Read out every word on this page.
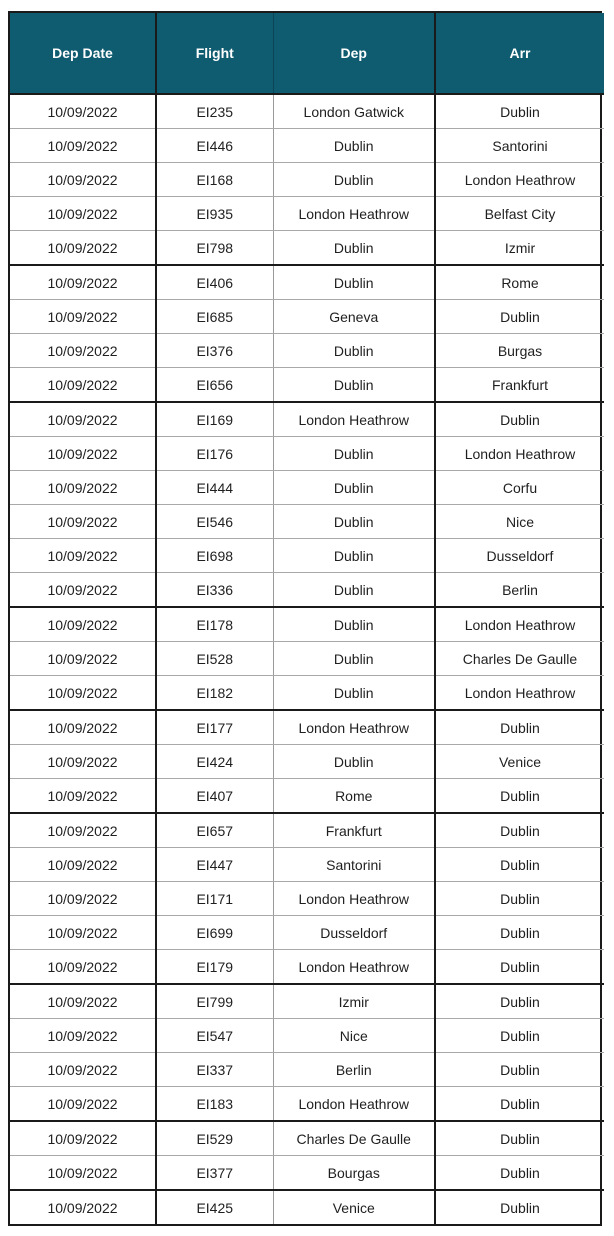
Dep Date	Flight	Dep	Arr
10/09/2022	EI235	London Gatwick	Dublin
10/09/2022	EI446	Dublin	Santorini
10/09/2022	EI168	Dublin	London Heathrow
10/09/2022	EI935	London Heathrow	Belfast City
10/09/2022	EI798	Dublin	Izmir
10/09/2022	EI406	Dublin	Rome
10/09/2022	EI685	Geneva	Dublin
10/09/2022	EI376	Dublin	Burgas
10/09/2022	EI656	Dublin	Frankfurt
10/09/2022	EI169	London Heathrow	Dublin
10/09/2022	EI176	Dublin	London Heathrow
10/09/2022	EI444	Dublin	Corfu
10/09/2022	EI546	Dublin	Nice
10/09/2022	EI698	Dublin	Dusseldorf
10/09/2022	EI336	Dublin	Berlin
10/09/2022	EI178	Dublin	London Heathrow
10/09/2022	EI528	Dublin	Charles De Gaulle
10/09/2022	EI182	Dublin	London Heathrow
10/09/2022	EI177	London Heathrow	Dublin
10/09/2022	EI424	Dublin	Venice
10/09/2022	EI407	Rome	Dublin
10/09/2022	EI657	Frankfurt	Dublin
10/09/2022	EI447	Santorini	Dublin
10/09/2022	EI171	London Heathrow	Dublin
10/09/2022	EI699	Dusseldorf	Dublin
10/09/2022	EI179	London Heathrow	Dublin
10/09/2022	EI799	Izmir	Dublin
10/09/2022	EI547	Nice	Dublin
10/09/2022	EI337	Berlin	Dublin
10/09/2022	EI183	London Heathrow	Dublin
10/09/2022	EI529	Charles De Gaulle	Dublin
10/09/2022	EI377	Bourgas	Dublin
10/09/2022	EI425	Venice	Dublin
